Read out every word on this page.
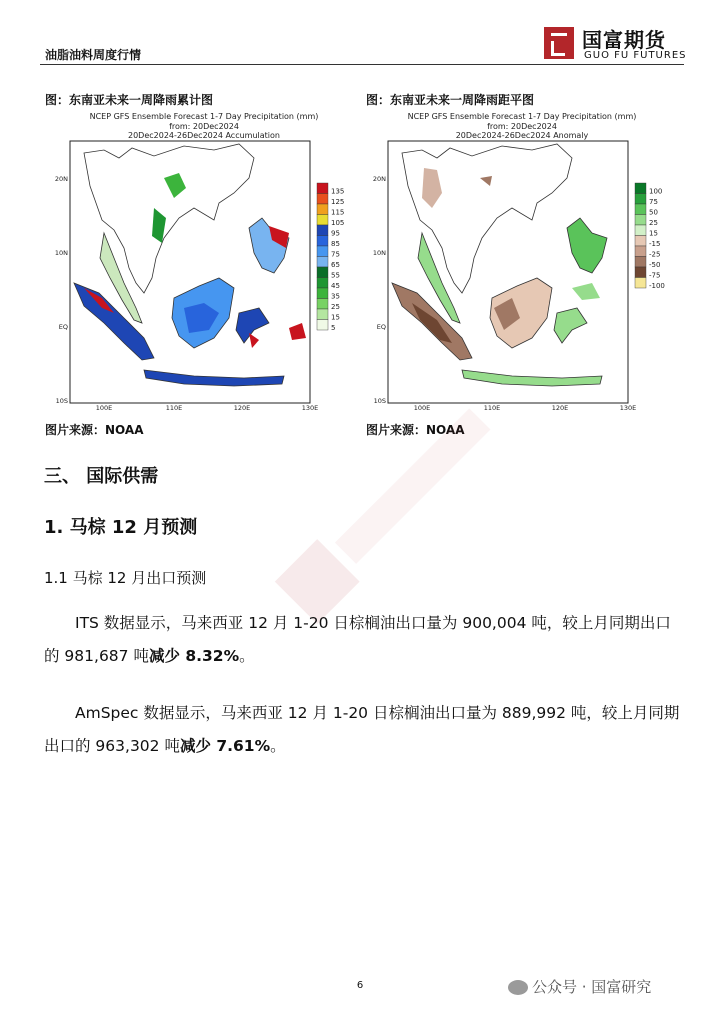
油脂油料周度行情
国富期货
GUO FU FUTURES
图：东南亚未来一周降雨累计图	图：东南亚未来一周降雨距平图
NCEP GFS Ensemble Forecast 1-7 Day Precipitation (mm)
from: 20Dec2024
20Dec2024-26Dec2024 Accumulation
20N
10N
EQ
10S
100E	110E	120E	130E
135
125
115
105
95
85
75
65
55
45
35
25
15
5
NCEP GFS Ensemble Forecast 1-7 Day Precipitation (mm)
from: 20Dec2024
20Dec2024-26Dec2024 Anomaly
20N
10N
EQ
10S
100E	110E	120E	130E
100
75
50
25
15
-15
-25
-50
-75
-100
图片来源：NOAA	图片来源：NOAA
三、 国际供需
1. 马棕 12 月预测
1.1 马棕 12 月出口预测

ITS 数据显示，马来西亚 12 月 1-20 日棕榈油出口量为 900,004 吨，较上月同期出口的 981,687 吨减少 8.32%。

AmSpec 数据显示，马来西亚 12 月 1-20 日棕榈油出口量为 889,992 吨，较上月同期出口的 963,302 吨减少 7.61%。

6	公众号 · 国富研究
